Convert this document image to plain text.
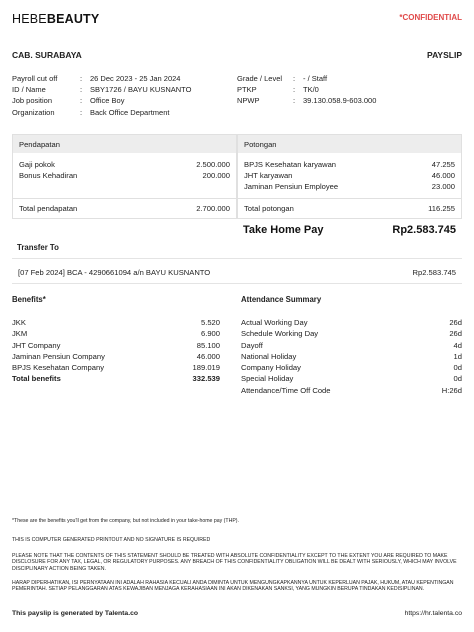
HEBEBEAUTY	*CONFIDENTIAL
CAB. SURABAYA	PAYSLIP
Payroll cut off	:	26 Dec 2023 - 25 Jan 2024
ID / Name	:	SBY1726 / BAYU KUSNANTO
Job position	:	Office Boy
Organization	:	Back Office Department
Grade / Level	:	- / Staff
PTKP	:	TK/0
NPWP	:	39.130.058.9-603.000
Pendapatan
Gaji pokok	2.500.000
Bonus Kehadiran	200.000
Total pendapatan	2.700.000
Potongan
BPJS Kesehatan karyawan	47.255
JHT karyawan	46.000
Jaminan Pensiun Employee	23.000
Total potongan	116.255
Take Home Pay	Rp2.583.745
Transfer To
[07 Feb 2024] BCA - 4290661094 a/n BAYU KUSNANTO	Rp2.583.745
Benefits*	Attendance Summary
JKK	5.520
JKM	6.900
JHT Company	85.100
Jaminan Pensiun Company	46.000
BPJS Kesehatan Company	189.019
Total benefits	332.539
Actual Working Day	26d
Schedule Working Day	26d
Dayoff	4d
National Holiday	1d
Company Holiday	0d
Special Holiday	0d
Attendance/Time Off Code	H:26d
*These are the benefits you'll get from the company, but not included in your take-home pay (THP).
THIS IS COMPUTER GENERATED PRINTOUT AND NO SIGNATURE IS REQUIRED
PLEASE NOTE THAT THE CONTENTS OF THIS STATEMENT SHOULD BE TREATED WITH ABSOLUTE CONFIDENTIALITY EXCEPT TO THE EXTENT YOU ARE REQUIRED TO MAKE DISCLOSURE FOR ANY TAX, LEGAL, OR REGULATORY PURPOSES. ANY BREACH OF THIS CONFIDENTIALITY OBLIGATION WILL BE DEALT WITH SERIOUSLY, WHICH MAY INVOLVE DISCIPLINARY ACTION BEING TAKEN.
HARAP DIPERHATIKAN, ISI PERNYATAAN INI ADALAH RAHASIA KECUALI ANDA DIMINTA UNTUK MENGUNGKAPKANNYA UNTUK KEPERLUAN PAJAK, HUKUM, ATAU KEPENTINGAN PEMERINTAH. SETIAP PELANGGARAN ATAS KEWAJIBAN MENJAGA KERAHASIAAN INI AKAN DIKENAKAN SANKSI, YANG MUNGKIN BERUPA TINDAKAN KEDISIPLINAN.
This payslip is generated by Talenta.co	https://hr.talenta.co
